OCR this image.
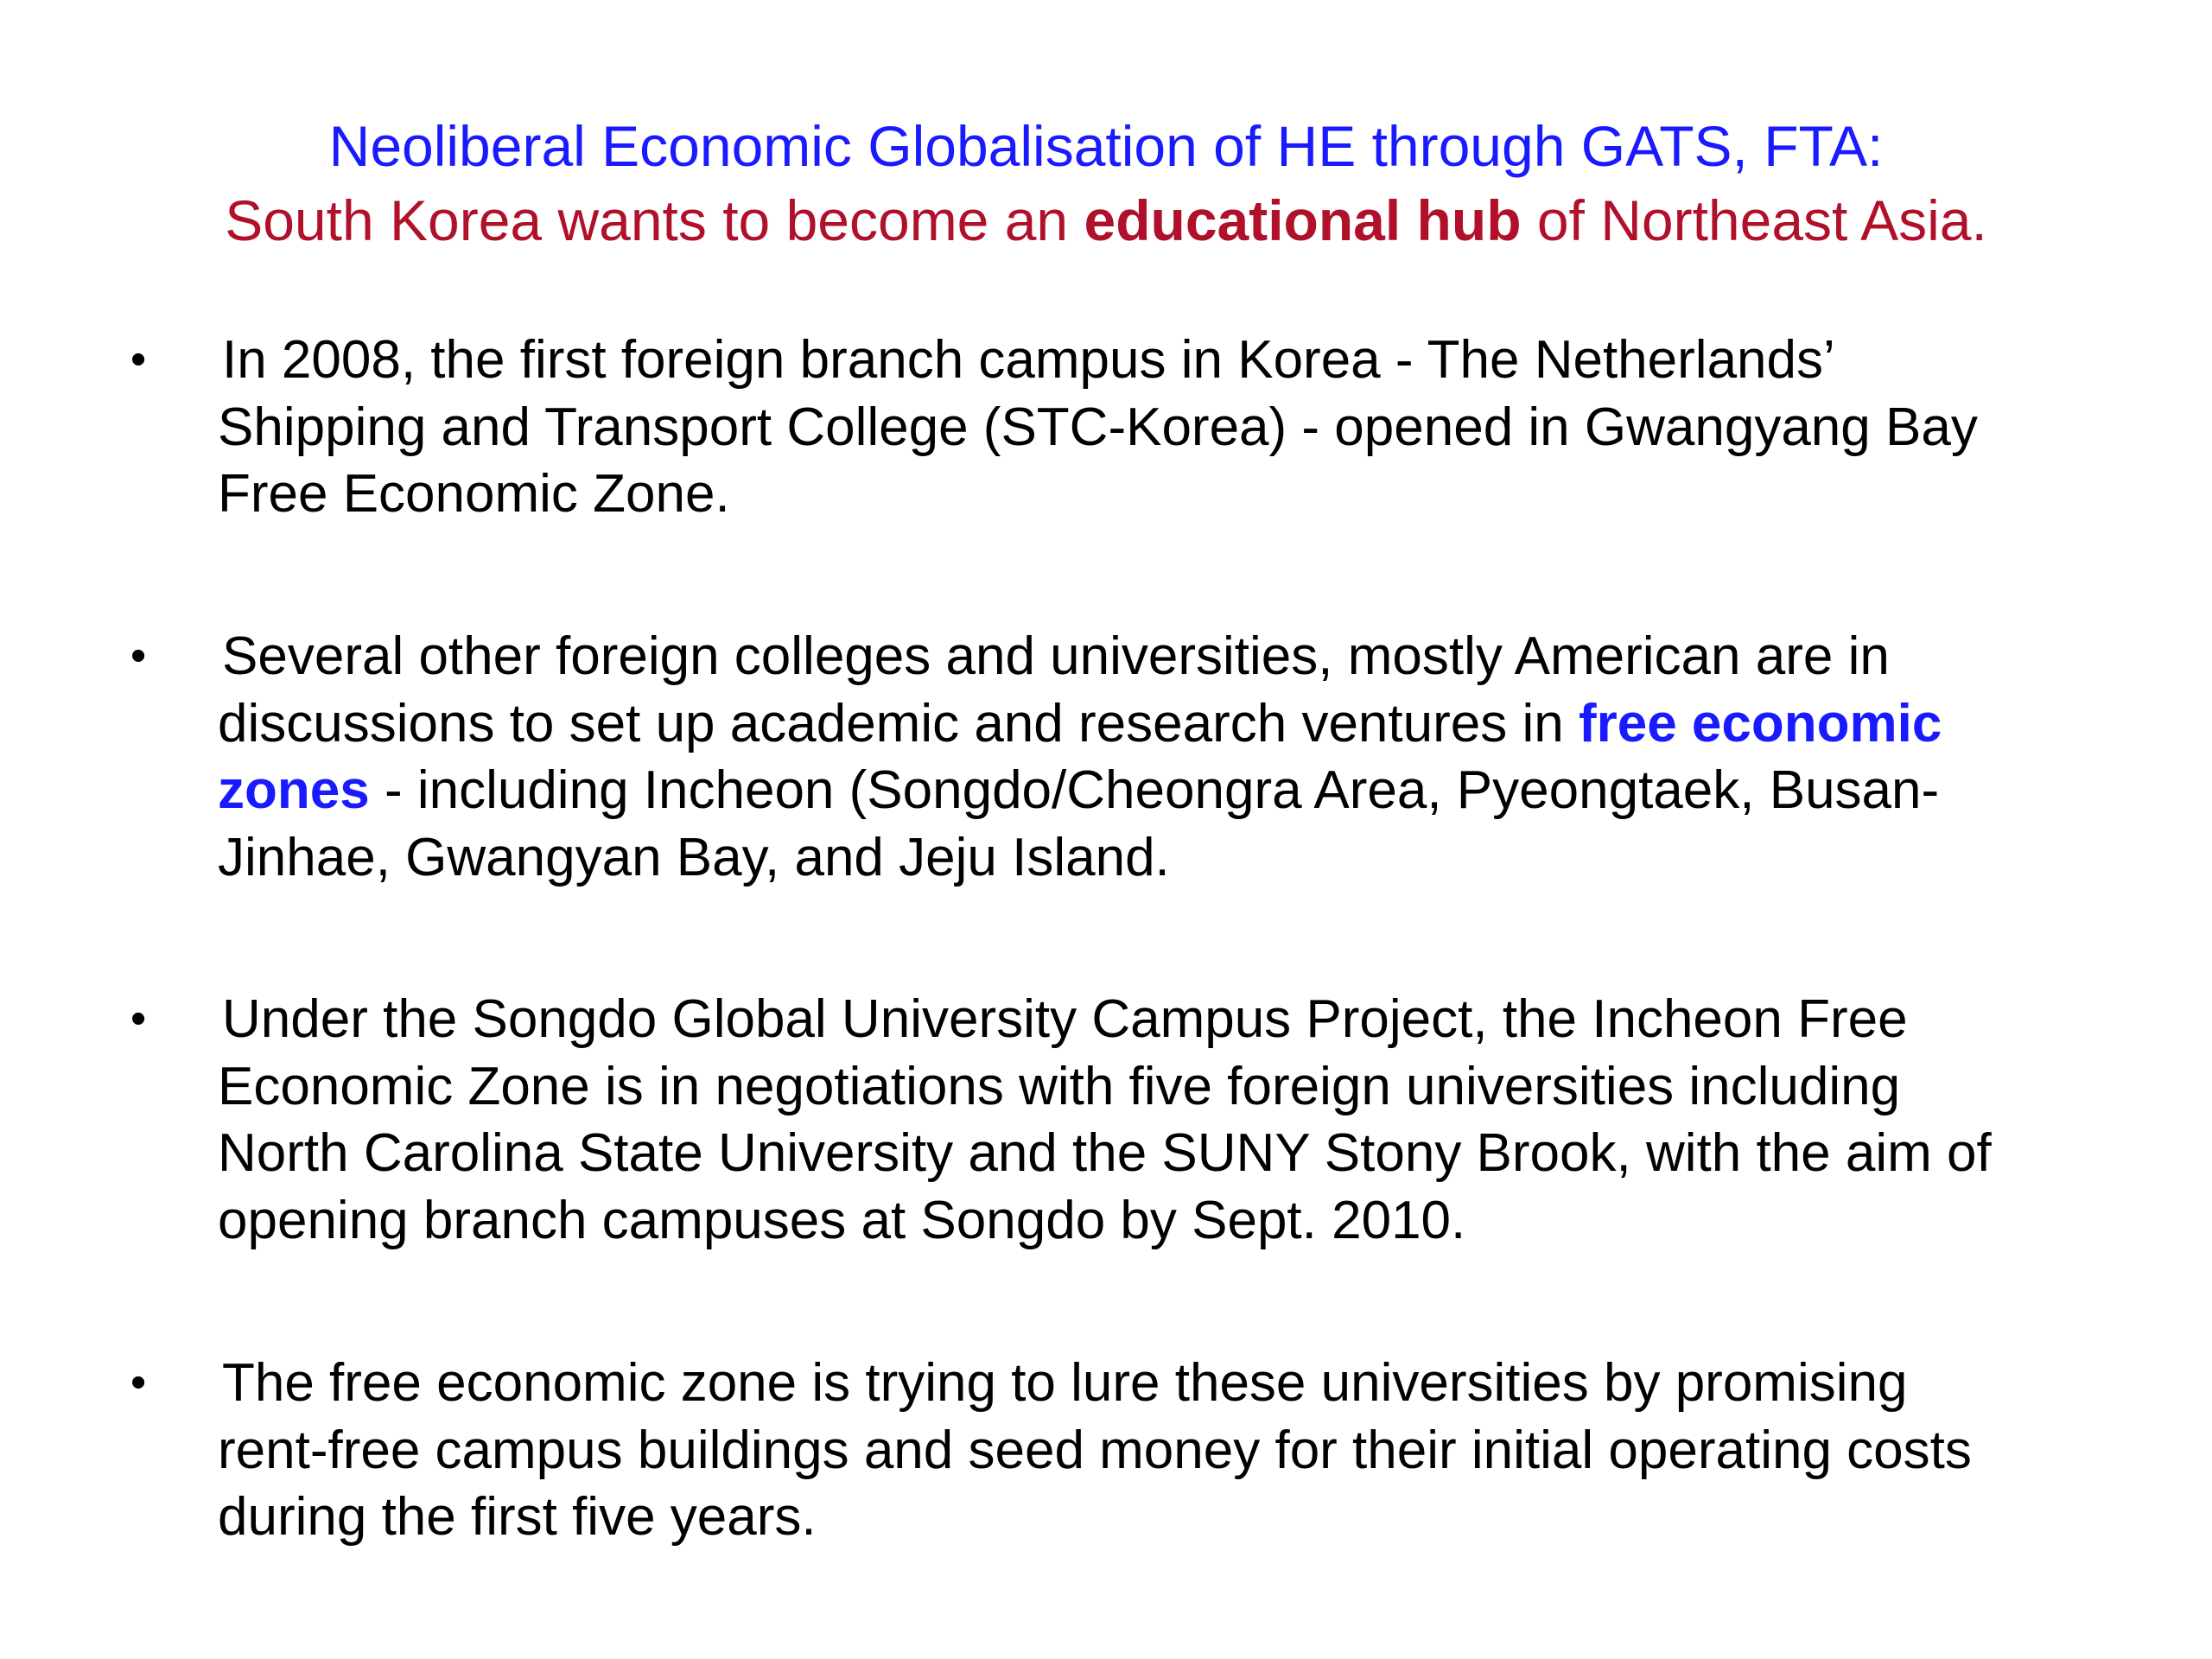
Neoliberal Economic Globalisation of HE through GATS, FTA:
South Korea wants to become an educational hub of Northeast Asia.
•	In 2008, the first foreign branch campus in Korea - The Netherlands’
Shipping and Transport College (STC-Korea) - opened in Gwangyang Bay
Free Economic Zone.
•	Several other foreign colleges and universities, mostly American are in
discussions to set up academic and research ventures in free economic
zones - including Incheon (Songdo/Cheongra Area, Pyeongtaek, Busan-
Jinhae, Gwangyan Bay, and Jeju Island.
•	Under the Songdo Global University Campus Project, the Incheon Free
Economic Zone is in negotiations with five foreign universities including
North Carolina State University and the SUNY Stony Brook, with the aim of
opening branch campuses at Songdo by Sept. 2010.
•	The free economic zone is trying to lure these universities by promising
rent-free campus buildings and seed money for their initial operating costs
during the first five years.
